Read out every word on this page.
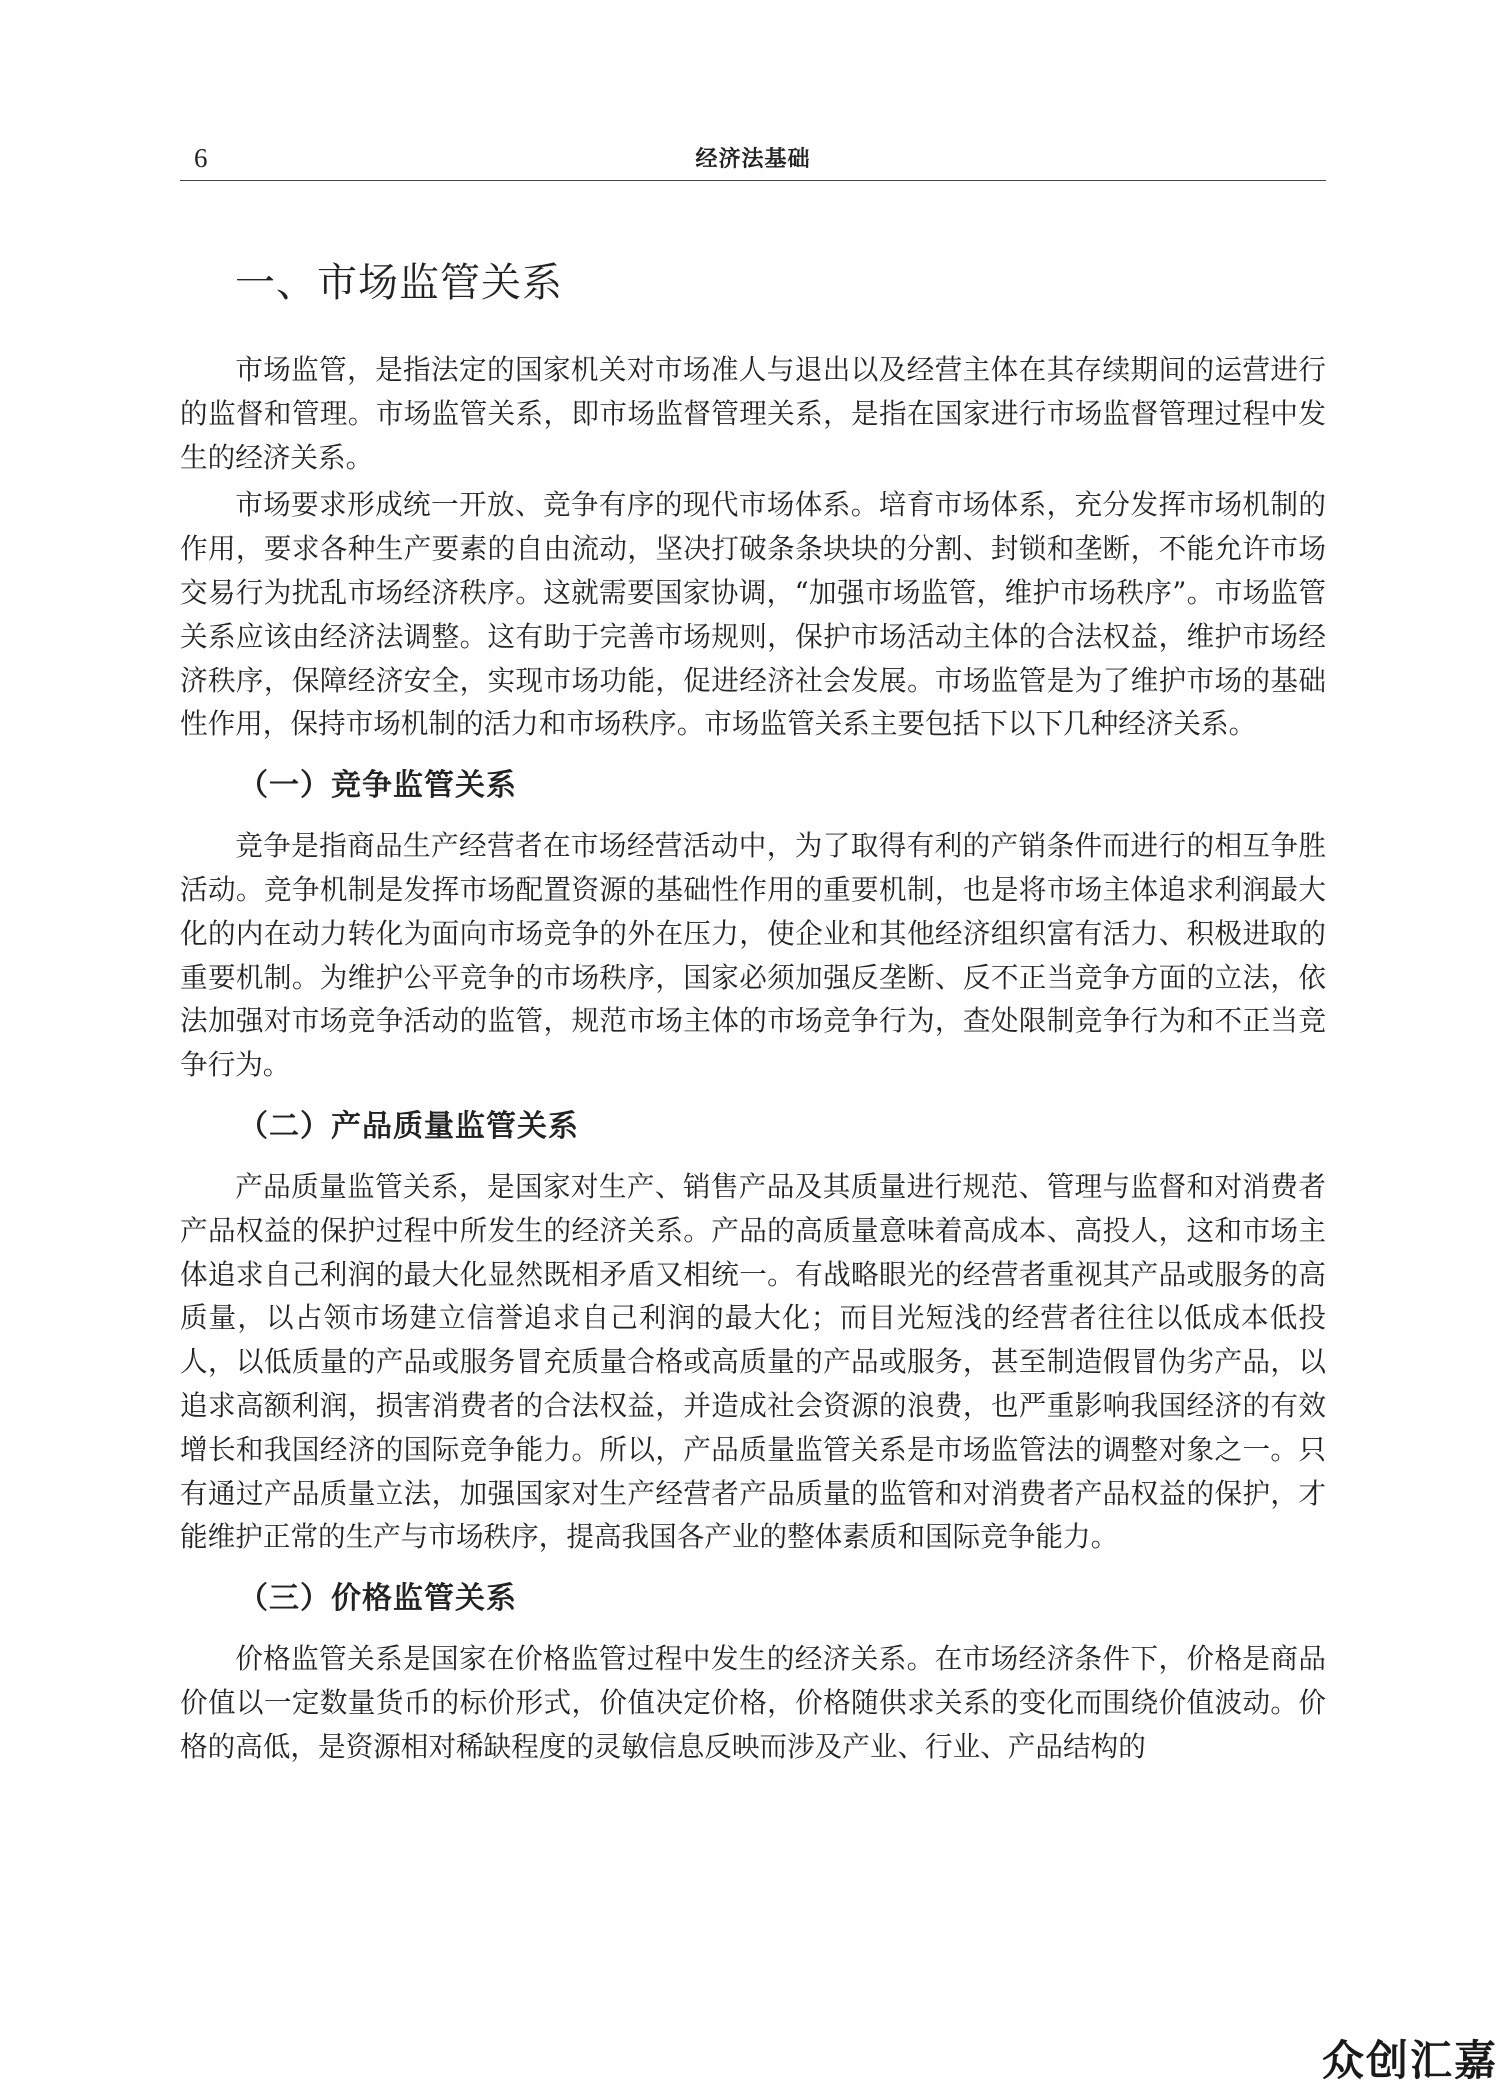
6	经济法基础
一、市场监管关系

市场监管，是指法定的国家机关对市场准人与退出以及经营主体在其存续期间的运营进行的监督和管理。市场监管关系，即市场监督管理关系，是指在国家进行市场监督管理过程中发生的经济关系。

市场要求形成统一开放、竞争有序的现代市场体系。培育市场体系，充分发挥市场机制的作用，要求各种生产要素的自由流动，坚决打破条条块块的分割、封锁和垄断，不能允许市场交易行为扰乱市场经济秩序。这就需要国家协调，“加强市场监管，维护市场秩序”。市场监管关系应该由经济法调整。这有助于完善市场规则，保护市场活动主体的合法权益，维护市场经济秩序，保障经济安全，实现市场功能，促进经济社会发展。市场监管是为了维护市场的基础性作用，保持市场机制的活力和市场秩序。市场监管关系主要包括下以下几种经济关系。

（一）竞争监管关系

竞争是指商品生产经营者在市场经营活动中，为了取得有利的产销条件而进行的相互争胜活动。竞争机制是发挥市场配置资源的基础性作用的重要机制，也是将市场主体追求利润最大化的内在动力转化为面向市场竞争的外在压力，使企业和其他经济组织富有活力、积极进取的重要机制。为维护公平竞争的市场秩序，国家必须加强反垄断、反不正当竞争方面的立法，依法加强对市场竞争活动的监管，规范市场主体的市场竞争行为，查处限制竞争行为和不正当竞争行为。

（二）产品质量监管关系

产品质量监管关系，是国家对生产、销售产品及其质量进行规范、管理与监督和对消费者产品权益的保护过程中所发生的经济关系。产品的高质量意味着高成本、高投人，这和市场主体追求自己利润的最大化显然既相矛盾又相统一。有战略眼光的经营者重视其产品或服务的高质量，以占领市场建立信誉追求自己利润的最大化；而目光短浅的经营者往往以低成本低投人，以低质量的产品或服务冒充质量合格或高质量的产品或服务，甚至制造假冒伪劣产品，以追求高额利润，损害消费者的合法权益，并造成社会资源的浪费，也严重影响我国经济的有效增长和我国经济的国际竞争能力。所以，产品质量监管关系是市场监管法的调整对象之一。只有通过产品质量立法，加强国家对生产经营者产品质量的监管和对消费者产品权益的保护，才能维护正常的生产与市场秩序，提高我国各产业的整体素质和国际竞争能力。

（三）价格监管关系

价格监管关系是国家在价格监管过程中发生的经济关系。在市场经济条件下，价格是商品价值以一定数量货币的标价形式，价值决定价格，价格随供求关系的变化而围绕价值波动。价格的高低，是资源相对稀缺程度的灵敏信息反映而涉及产业、行业、产品结构的

众创汇嘉
